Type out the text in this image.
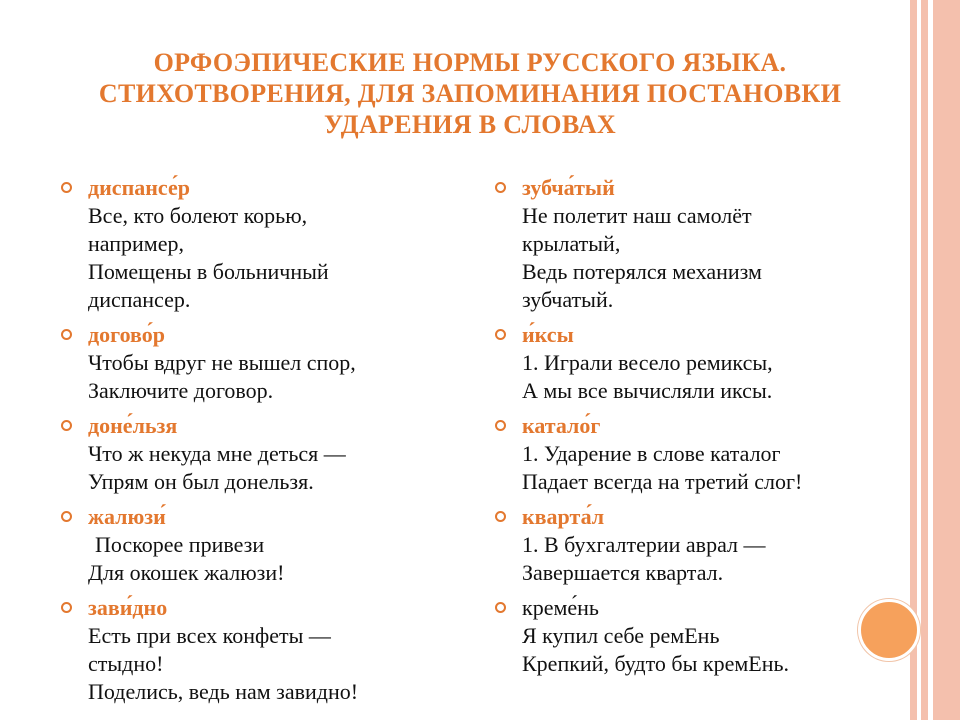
ОРФОЭПИЧЕСКИЕ НОРМЫ РУССКОГО ЯЗЫКА. СТИХОТВОРЕНИЯ, ДЛЯ ЗАПОМИНАНИЯ ПОСТАНОВКИ УДАРЕНИЯ В СЛОВАХ
диспансе́р
Все, кто болеют корью,
например,
Помещены в больничный
диспансер.
догово́р
Чтобы вдруг не вышел спор,
Заключите договор.
доне́льзя
Что ж некуда мне деться —
Упрям он был донельзя.
жалюзи́
Поскорее привези
Для окошек жалюзи!
зави́дно
Есть при всех конфеты —
стыдно!
Поделись, ведь нам завидно!
зубча́тый
Не полетит наш самолёт
крылатый,
Ведь потерялся механизм
зубчатый.
и́ксы
1. Играли весело ремиксы,
А мы все вычисляли иксы.
катало́г
1. Ударение в слове каталог
Падает всегда на третий слог!
кварта́л
1. В бухгалтерии аврал —
Завершается квартал.
креме́нь
Я купил себе ремЕнь
Крепкий, будто бы кремЕнь.
